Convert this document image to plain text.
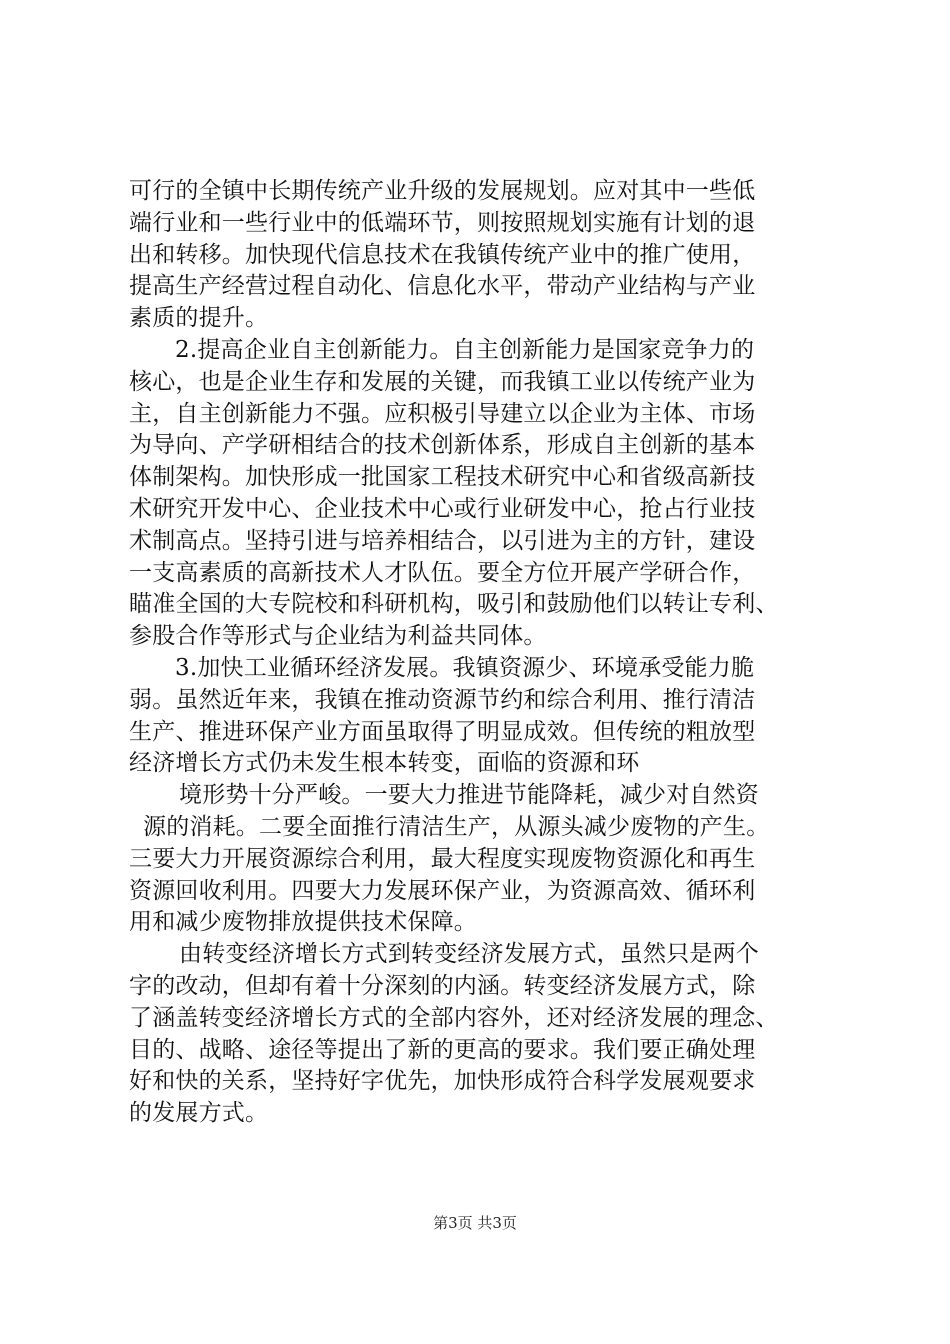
可行的全镇中长期传统产业升级的发展规划。应对其中一些低
端行业和一些行业中的低端环节，则按照规划实施有计划的退
出和转移。加快现代信息技术在我镇传统产业中的推广使用，
提高生产经营过程自动化、信息化水平，带动产业结构与产业
素质的提升。
2.提高企业自主创新能力。自主创新能力是国家竞争力的
核心，也是企业生存和发展的关键，而我镇工业以传统产业为
主，自主创新能力不强。应积极引导建立以企业为主体、市场
为导向、产学研相结合的技术创新体系，形成自主创新的基本
体制架构。加快形成一批国家工程技术研究中心和省级高新技
术研究开发中心、企业技术中心或行业研发中心，抢占行业技
术制高点。坚持引进与培养相结合，以引进为主的方针，建设
一支高素质的高新技术人才队伍。要全方位开展产学研合作，
瞄准全国的大专院校和科研机构，吸引和鼓励他们以转让专利、
参股合作等形式与企业结为利益共同体。
3.加快工业循环经济发展。我镇资源少、环境承受能力脆
弱。虽然近年来，我镇在推动资源节约和综合利用、推行清洁
生产、推进环保产业方面虽取得了明显成效。但传统的粗放型
经济增长方式仍未发生根本转变，面临的资源和环
境形势十分严峻。一要大力推进节能降耗，减少对自然资
源的消耗。二要全面推行清洁生产，从源头减少废物的产生。
三要大力开展资源综合利用，最大程度实现废物资源化和再生
资源回收利用。四要大力发展环保产业，为资源高效、循环利
用和减少废物排放提供技术保障。
由转变经济增长方式到转变经济发展方式，虽然只是两个
字的改动，但却有着十分深刻的内涵。转变经济发展方式，除
了涵盖转变经济增长方式的全部内容外，还对经济发展的理念、
目的、战略、途径等提出了新的更高的要求。我们要正确处理
好和快的关系，坚持好字优先，加快形成符合科学发展观要求
的发展方式。
第3页 共3页
